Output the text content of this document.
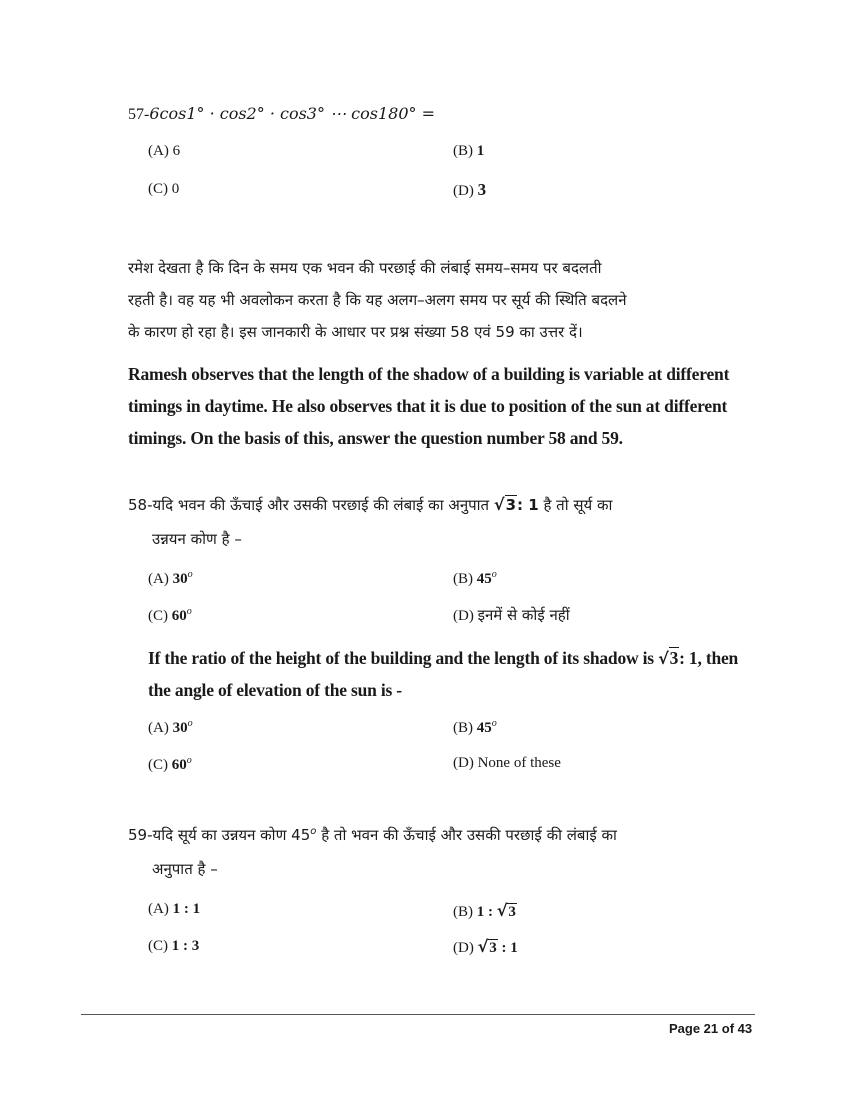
57-6cos1° · cos2° · cos3° ⋯ cos180° =
(A) 6	(B) 1
(C) 0	(D) 3
रमेश देखता है कि दिन के समय एक भवन की परछाई की लंबाई समय–समय पर बदलती
रहती है। वह यह भी अवलोकन करता है कि यह अलग–अलग समय पर सूर्य की स्थिति बदलने
के कारण हो रहा है। इस जानकारी के आधार पर प्रश्न संख्या 58 एवं 59 का उत्तर दें।
Ramesh observes that the length of the shadow of a building is variable at different
timings in daytime. He also observes that it is due to position of the sun at different
timings. On the basis of this, answer the question number 58 and 59.
58-यदि भवन की ऊँचाई और उसकी परछाई की लंबाई का अनुपात √3: 1 है तो सूर्य का
उन्नयन कोण है –
(A) 30$^o$	(B) 45$^o$
(C) 60$^o$	(D) इनमें से कोई नहीं
If the ratio of the height of the building and the length of its shadow is √3: 1, then
the angle of elevation of the sun is -
(A) 30$^o$	(B) 45$^o$
(C) 60$^o$	(D) None of these
59-यदि सूर्य का उन्नयन कोण 45$^o$ है तो भवन की ऊँचाई और उसकी परछाई की लंबाई का
अनुपात है –
(A) 1 : 1	(B) 1 : √3
(C) 1 : 3	(D) √3 : 1
Page 21 of 43
